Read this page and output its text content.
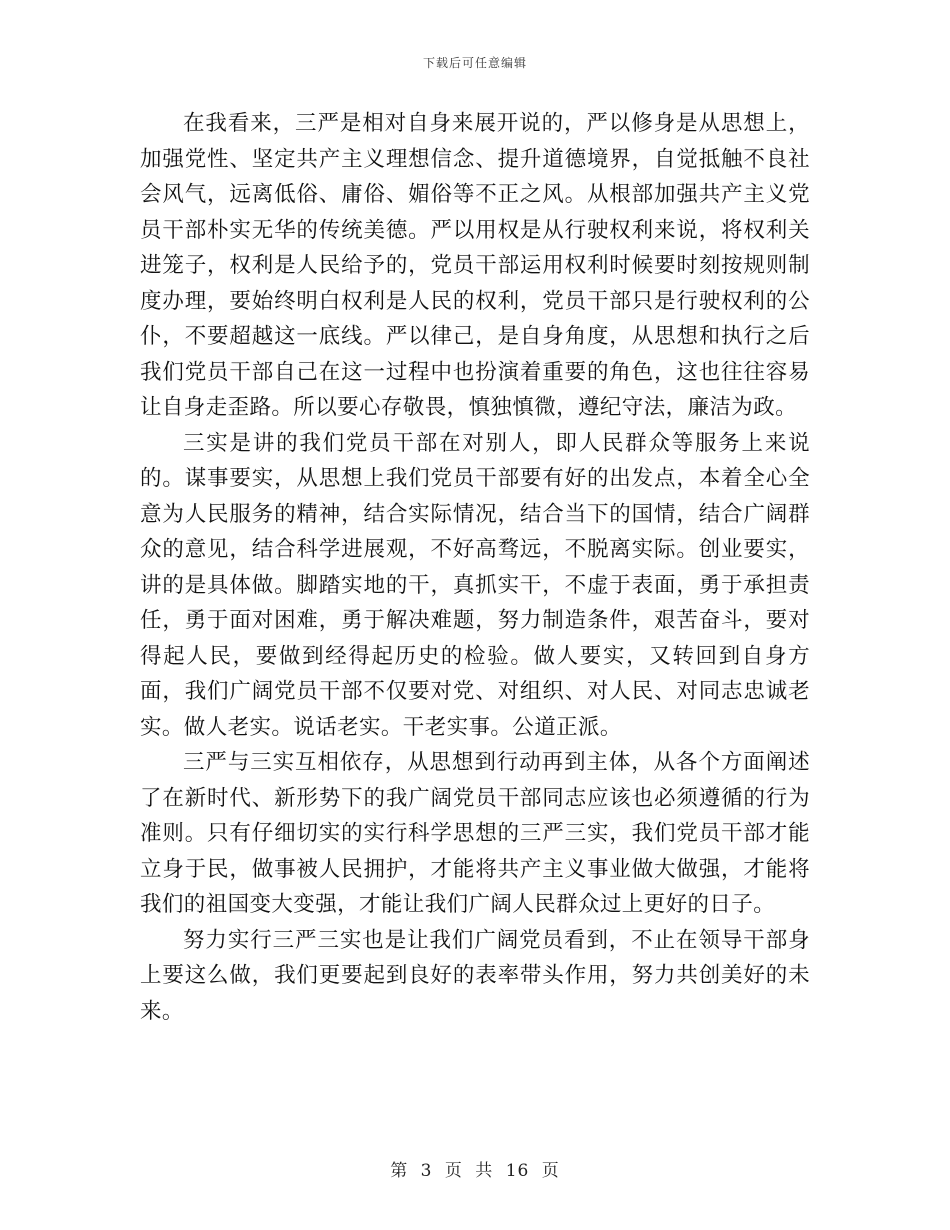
下载后可任意编辑

在我看来，三严是相对自身来展开说的，严以修身是从思想上，加强党性、坚定共产主义理想信念、提升道德境界，自觉抵触不良社会风气，远离低俗、庸俗、媚俗等不正之风。从根部加强共产主义党员干部朴实无华的传统美德。严以用权是从行驶权利来说，将权利关进笼子，权利是人民给予的，党员干部运用权利时候要时刻按规则制度办理，要始终明白权利是人民的权利，党员干部只是行驶权利的公仆，不要超越这一底线。严以律己，是自身角度，从思想和执行之后我们党员干部自己在这一过程中也扮演着重要的角色，这也往往容易让自身走歪路。所以要心存敬畏，慎独慎微，遵纪守法，廉洁为政。

三实是讲的我们党员干部在对别人，即人民群众等服务上来说的。谋事要实，从思想上我们党员干部要有好的出发点，本着全心全意为人民服务的精神，结合实际情况，结合当下的国情，结合广阔群众的意见，结合科学进展观，不好高骛远，不脱离实际。创业要实，讲的是具体做。脚踏实地的干，真抓实干，不虚于表面，勇于承担责任，勇于面对困难，勇于解决难题，努力制造条件，艰苦奋斗，要对得起人民，要做到经得起历史的检验。做人要实，又转回到自身方面，我们广阔党员干部不仅要对党、对组织、对人民、对同志忠诚老实。做人老实。说话老实。干老实事。公道正派。

三严与三实互相依存，从思想到行动再到主体，从各个方面阐述了在新时代、新形势下的我广阔党员干部同志应该也必须遵循的行为准则。只有仔细切实的实行科学思想的三严三实，我们党员干部才能立身于民，做事被人民拥护，才能将共产主义事业做大做强，才能将我们的祖国变大变强，才能让我们广阔人民群众过上更好的日子。

努力实行三严三实也是让我们广阔党员看到，不止在领导干部身上要这么做，我们更要起到良好的表率带头作用，努力共创美好的未来。

第 3 页 共 16 页
